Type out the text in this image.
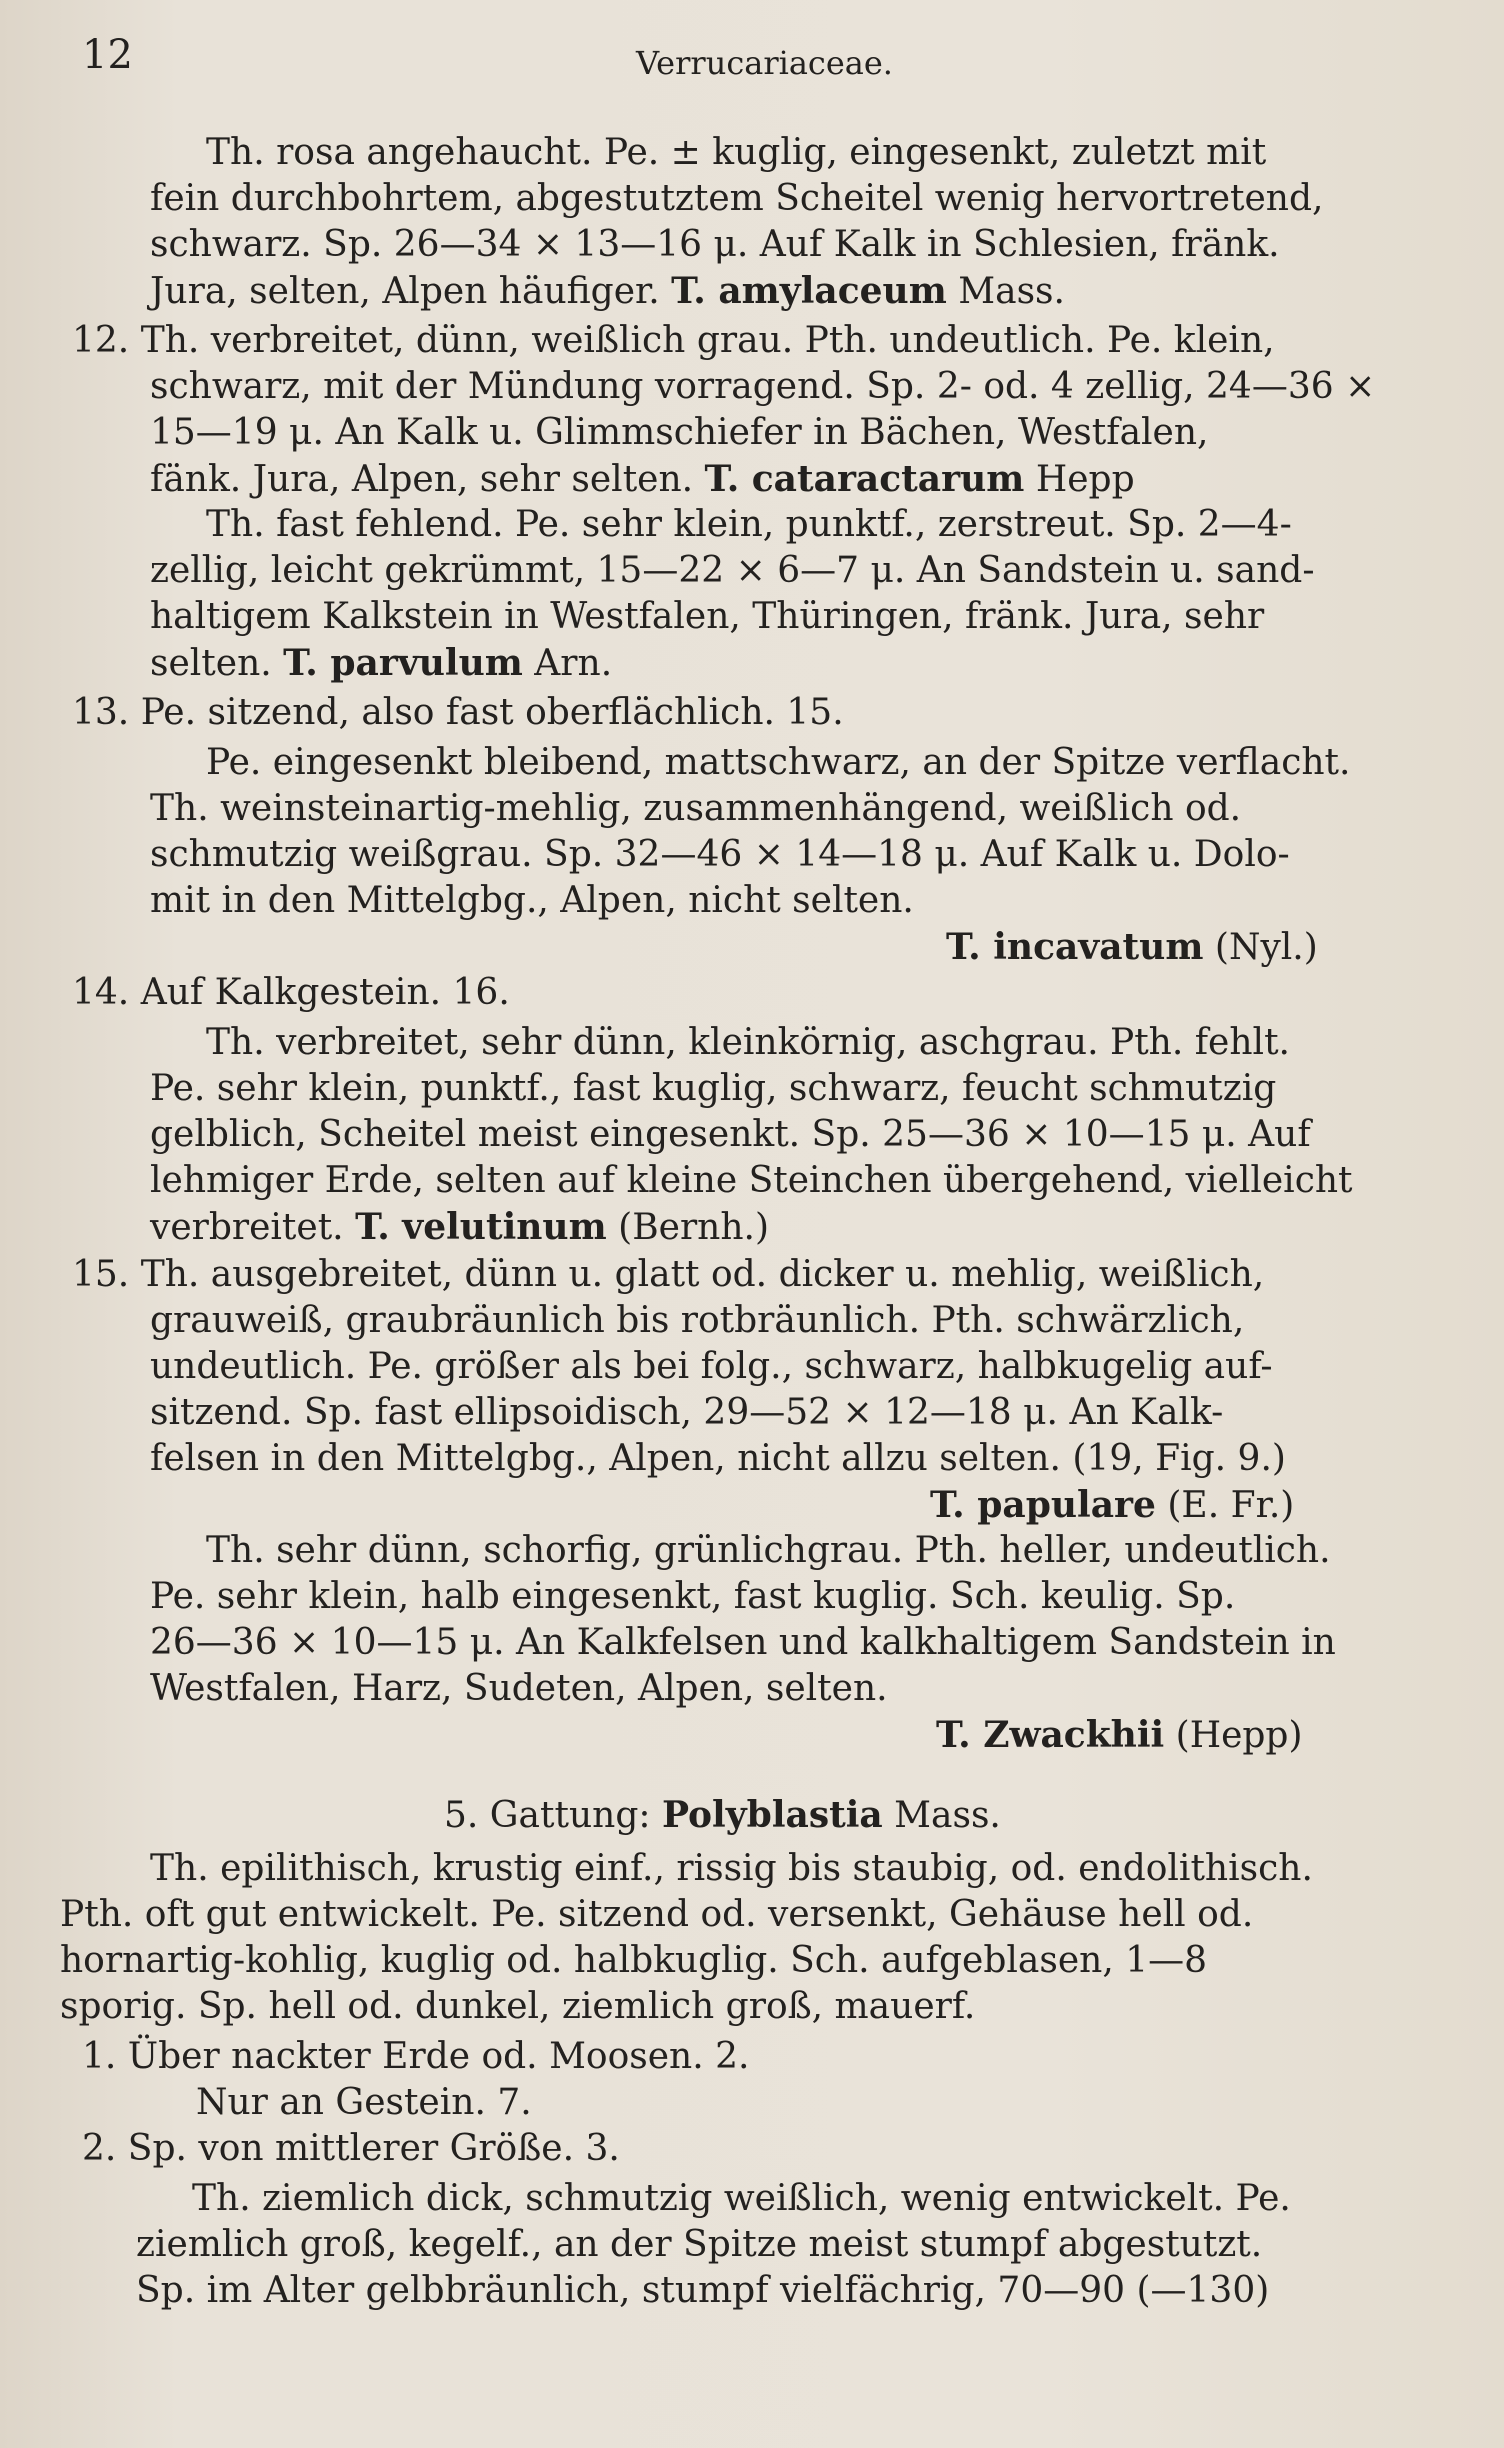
12	Verrucariaceae.
Th. rosa angehaucht. Pe. ± kuglig, eingesenkt, zuletzt mit
fein durchbohrtem, abgestutztem Scheitel wenig hervortretend,
schwarz. Sp. 26—34 × 13—16 μ. Auf Kalk in Schlesien, fränk.
Jura, selten, Alpen häufiger. T. amylaceum Mass.
12. Th. verbreitet, dünn, weißlich grau. Pth. undeutlich. Pe. klein,
schwarz, mit der Mündung vorragend. Sp. 2- od. 4 zellig, 24—36 ×
15—19 μ. An Kalk u. Glimmschiefer in Bächen, Westfalen,
fänk. Jura, Alpen, sehr selten. T. cataractarum Hepp
Th. fast fehlend. Pe. sehr klein, punktf., zerstreut. Sp. 2—4-
zellig, leicht gekrümmt, 15—22 × 6—7 μ. An Sandstein u. sand-
haltigem Kalkstein in Westfalen, Thüringen, fränk. Jura, sehr
selten. T. parvulum Arn.
13. Pe. sitzend, also fast oberflächlich. 15.
Pe. eingesenkt bleibend, mattschwarz, an der Spitze verflacht.
Th. weinsteinartig-mehlig, zusammenhängend, weißlich od.
schmutzig weißgrau. Sp. 32—46 × 14—18 μ. Auf Kalk u. Dolo-
mit in den Mittelgbg., Alpen, nicht selten.
T. incavatum (Nyl.)
14. Auf Kalkgestein. 16.
Th. verbreitet, sehr dünn, kleinkörnig, aschgrau. Pth. fehlt.
Pe. sehr klein, punktf., fast kuglig, schwarz, feucht schmutzig
gelblich, Scheitel meist eingesenkt. Sp. 25—36 × 10—15 μ. Auf
lehmiger Erde, selten auf kleine Steinchen übergehend, vielleicht
verbreitet. T. velutinum (Bernh.)
15. Th. ausgebreitet, dünn u. glatt od. dicker u. mehlig, weißlich,
grauweiß, graubräunlich bis rotbräunlich. Pth. schwärzlich,
undeutlich. Pe. größer als bei folg., schwarz, halbkugelig auf-
sitzend. Sp. fast ellipsoidisch, 29—52 × 12—18 μ. An Kalk-
felsen in den Mittelgbg., Alpen, nicht allzu selten. (19, Fig. 9.)
T. papulare (E. Fr.)
Th. sehr dünn, schorfig, grünlichgrau. Pth. heller, undeutlich.
Pe. sehr klein, halb eingesenkt, fast kuglig. Sch. keulig. Sp.
26—36 × 10—15 μ. An Kalkfelsen und kalkhaltigem Sandstein in
Westfalen, Harz, Sudeten, Alpen, selten.
T. Zwackhii (Hepp)
5. Gattung: Polyblastia Mass.
Th. epilithisch, krustig einf., rissig bis staubig, od. endolithisch.
Pth. oft gut entwickelt. Pe. sitzend od. versenkt, Gehäuse hell od.
hornartig-kohlig, kuglig od. halbkuglig. Sch. aufgeblasen, 1—8
sporig. Sp. hell od. dunkel, ziemlich groß, mauerf.
1. Über nackter Erde od. Moosen. 2.
Nur an Gestein. 7.
2. Sp. von mittlerer Größe. 3.
Th. ziemlich dick, schmutzig weißlich, wenig entwickelt. Pe.
ziemlich groß, kegelf., an der Spitze meist stumpf abgestutzt.
Sp. im Alter gelbbräunlich, stumpf vielfächrig, 70—90 (—130)
